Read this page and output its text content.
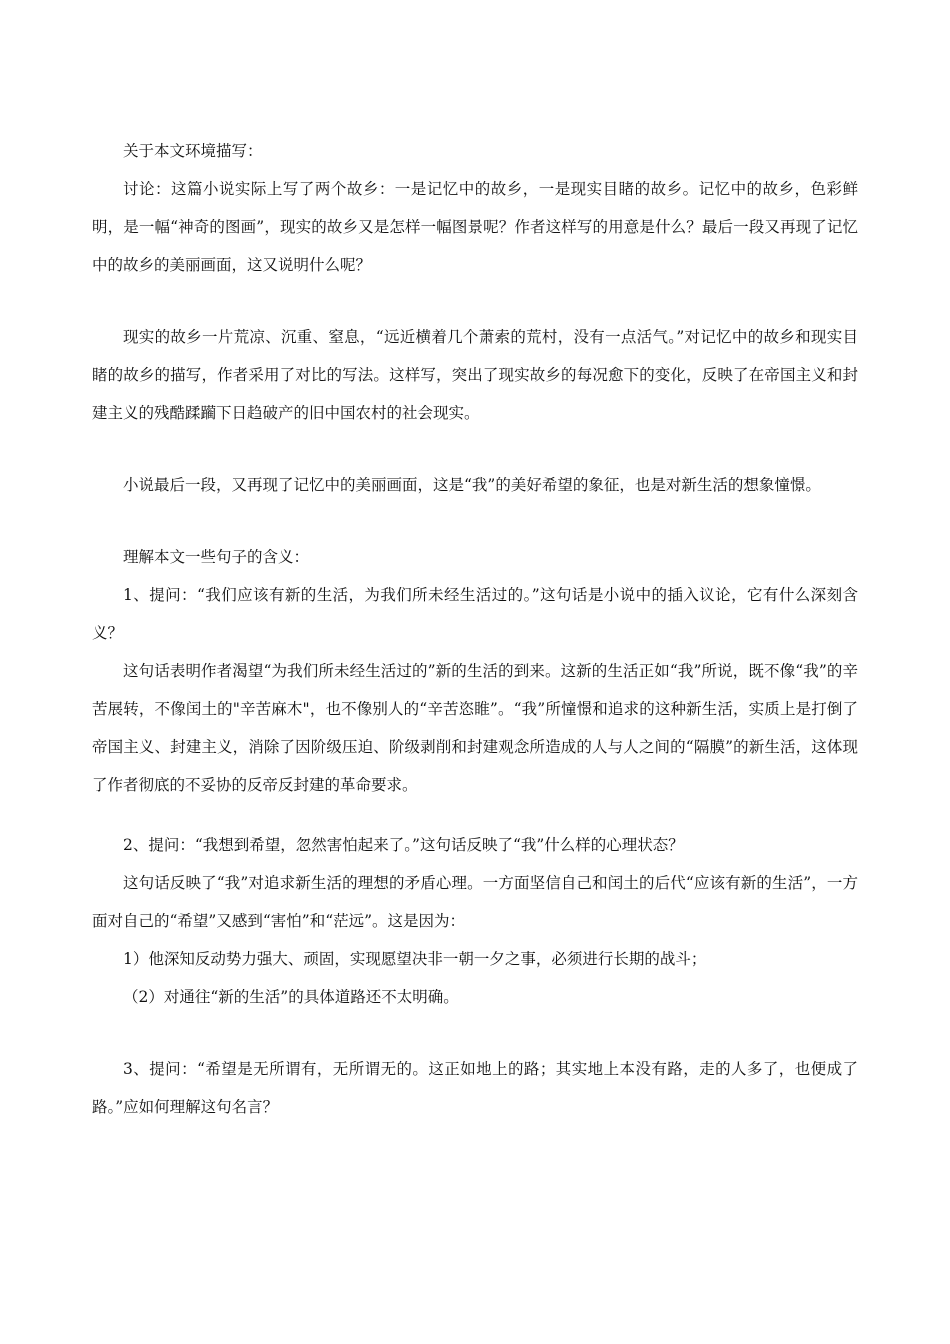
关于本文环境描写：

讨论：这篇小说实际上写了两个故乡：一是记忆中的故乡，一是现实目睹的故乡。记忆中的故乡，色彩鲜明，是一幅“神奇的图画”，现实的故乡又是怎样一幅图景呢？作者这样写的用意是什么？最后一段又再现了记忆中的故乡的美丽画面，这又说明什么呢？

现实的故乡一片荒凉、沉重、窒息，“远近横着几个萧索的荒村，没有一点活气。”对记忆中的故乡和现实目睹的故乡的描写，作者采用了对比的写法。这样写，突出了现实故乡的每况愈下的变化，反映了在帝国主义和封建主义的残酷蹂躏下日趋破产的旧中国农村的社会现实。

小说最后一段，又再现了记忆中的美丽画面，这是“我”的美好希望的象征，也是对新生活的想象憧憬。

理解本文一些句子的含义：

1、提问：“我们应该有新的生活，为我们所未经生活过的。”这句话是小说中的插入议论，它有什么深刻含义？

这句话表明作者渴望“为我们所未经生活过的”新的生活的到来。这新的生活正如“我”所说，既不像“我”的辛苦展转，不像闰土的"辛苦麻木"，也不像别人的“辛苦恣睢”。“我”所憧憬和追求的这种新生活，实质上是打倒了帝国主义、封建主义，消除了因阶级压迫、阶级剥削和封建观念所造成的人与人之间的“隔膜”的新生活，这体现了作者彻底的不妥协的反帝反封建的革命要求。

2、提问：“我想到希望，忽然害怕起来了。”这句话反映了“我”什么样的心理状态？

这句话反映了“我”对追求新生活的理想的矛盾心理。一方面坚信自己和闰土的后代“应该有新的生活”，一方面对自己的“希望”又感到“害怕”和“茫远”。这是因为：

1）他深知反动势力强大、顽固，实现愿望决非一朝一夕之事，必须进行长期的战斗；

（2）对通往“新的生活”的具体道路还不太明确。

3、提问：“希望是无所谓有，无所谓无的。这正如地上的路；其实地上本没有路，走的人多了，也便成了路。”应如何理解这句名言？
